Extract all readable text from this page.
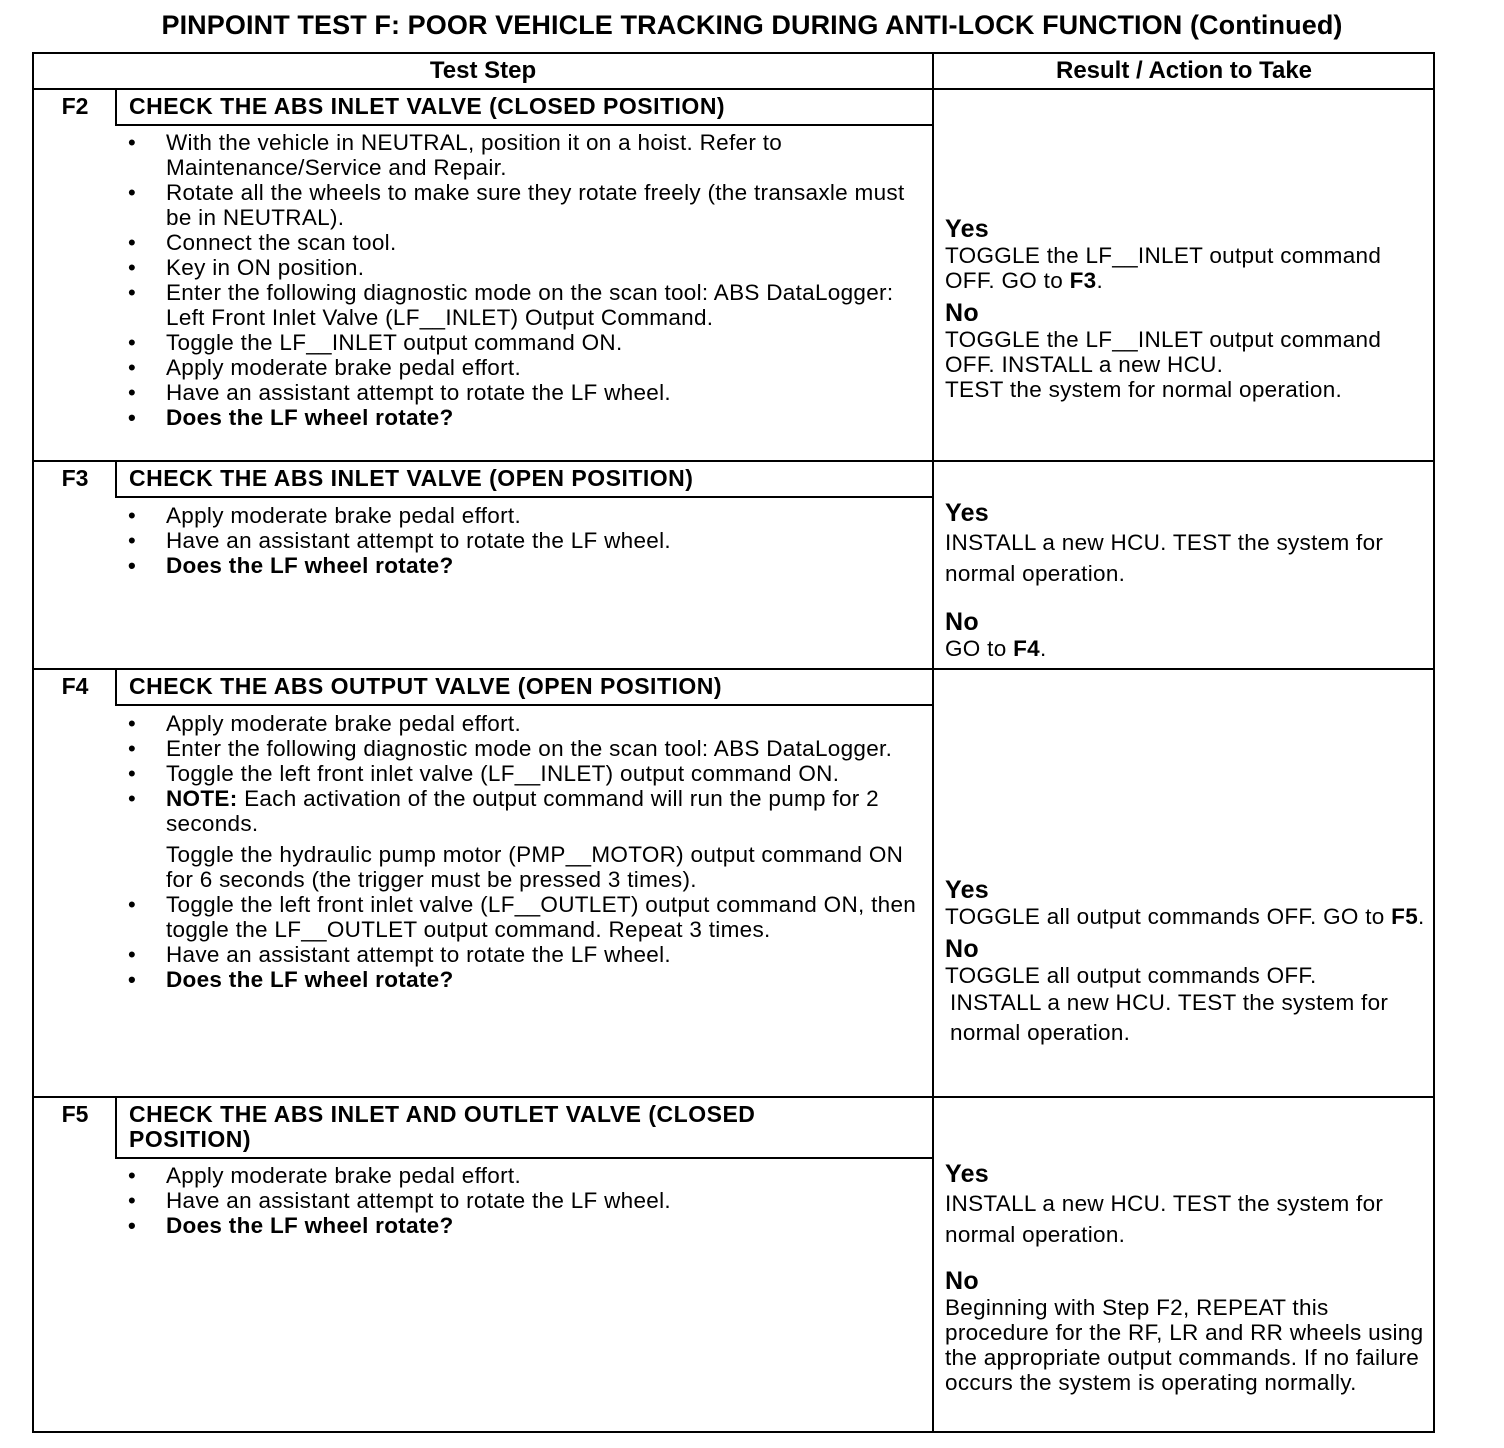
PINPOINT TEST F: POOR VEHICLE TRACKING DURING ANTI-LOCK FUNCTION (Continued)
Test Step	Result / Action to Take
F2	CHECK THE ABS INLET VALVE (CLOSED POSITION)
• With the vehicle in NEUTRAL, position it on a hoist. Refer to Maintenance/Service and Repair.
• Rotate all the wheels to make sure they rotate freely (the transaxle must be in NEUTRAL).
• Connect the scan tool.
• Key in ON position.
• Enter the following diagnostic mode on the scan tool: ABS DataLogger: Left Front Inlet Valve (LF__INLET) Output Command.
• Toggle the LF__INLET output command ON.
• Apply moderate brake pedal effort.
• Have an assistant attempt to rotate the LF wheel.
• Does the LF wheel rotate?
Yes
TOGGLE the LF__INLET output command OFF. GO to F3.
No
TOGGLE the LF__INLET output command OFF. INSTALL a new HCU.
TEST the system for normal operation.
F3	CHECK THE ABS INLET VALVE (OPEN POSITION)
• Apply moderate brake pedal effort.
• Have an assistant attempt to rotate the LF wheel.
• Does the LF wheel rotate?
Yes
INSTALL a new HCU. TEST the system for normal operation.
No
GO to F4.
F4	CHECK THE ABS OUTPUT VALVE (OPEN POSITION)
• Apply moderate brake pedal effort.
• Enter the following diagnostic mode on the scan tool: ABS DataLogger.
• Toggle the left front inlet valve (LF__INLET) output command ON.
• NOTE: Each activation of the output command will run the pump for 2 seconds.
Toggle the hydraulic pump motor (PMP__MOTOR) output command ON for 6 seconds (the trigger must be pressed 3 times).
• Toggle the left front inlet valve (LF__OUTLET) output command ON, then toggle the LF__OUTLET output command. Repeat 3 times.
• Have an assistant attempt to rotate the LF wheel.
• Does the LF wheel rotate?
Yes
TOGGLE all output commands OFF. GO to F5.
No
TOGGLE all output commands OFF.
INSTALL a new HCU. TEST the system for normal operation.
F5	CHECK THE ABS INLET AND OUTLET VALVE (CLOSED POSITION)
• Apply moderate brake pedal effort.
• Have an assistant attempt to rotate the LF wheel.
• Does the LF wheel rotate?
Yes
INSTALL a new HCU. TEST the system for normal operation.
No
Beginning with Step F2, REPEAT this procedure for the RF, LR and RR wheels using the appropriate output commands. If no failure occurs the system is operating normally.
